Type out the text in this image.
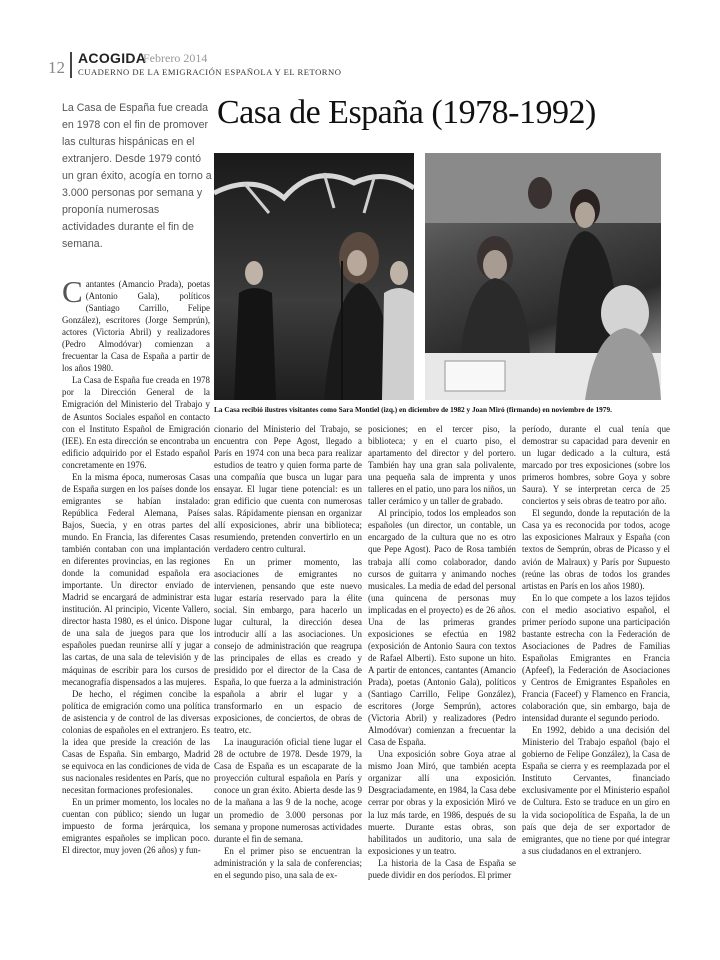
12 ACOGIDA
Febrero 2014
CUADERNO DE LA EMIGRACIÓN ESPAÑOLA Y EL RETORNO
La Casa de España fue creada en 1978 con el fin de promover las culturas hispánicas en el extranjero. Desde 1979 contó un gran éxito, acogía en torno a 3.000 personas por semana y proponía numerosas actividades durante el fin de semana.
Casa de España (1978-1992)
La Casa recibió ilustres visitantes como Sara Montiel (izq.) en diciembre de 1982 y Joan Miró (firmando) en noviembre de 1979.

Cantantes (Amancio Prada), poetas (Antonio Gala), políticos (Santiago Carrillo, Felipe González), escritores (Jorge Semprún), actores (Victoria Abril) y realizadores (Pedro Almodóvar) comienzan a frecuentar la Casa de España a partir de los años 1980.

La Casa de España fue creada en 1978 por la Dirección General de la Emigración del Ministerio del Trabajo y de Asuntos Sociales español en contacto con el Instituto Español de Emigración (IEE). En esta dirección se encontraba un edificio adquirido por el Estado español concretamente en 1976.

En la misma época, numerosas Casas de España surgen en los países donde los emigrantes se habían instalado: República Federal Alemana, Países Bajos, Suecia, y en otras partes del mundo. En Francia, las diferentes Casas también contaban con una implantación en diferentes provincias, en las regiones donde la comunidad española era importante. Un director enviado de Madrid se encargará de administrar esta institución. Al principio, Vicente Vallero, director hasta 1980, es el único. Dispone de una sala de juegos para que los españoles puedan reunirse allí y jugar a las cartas, de una sala de televisión y de máquinas de escribir para los cursos de mecanografía dispensados a las mujeres.

De hecho, el régimen concibe la política de emigración como una política de asistencia y de control de las diversas colonias de españoles en el extranjero. Es la idea que preside la creación de las Casas de España. Sin embargo, Madrid se equivoca en las condiciones de vida de sus nacionales residentes en París, que no necesitan formaciones profesionales.

En un primer momento, los locales no cuentan con público; siendo un lugar impuesto de forma jerárquica, los emigrantes españoles se implican poco. El director, muy joven (26 años) y fun-

cionario del Ministerio del Trabajo, se encuentra con Pepe Agost, llegado a París en 1974 con una beca para realizar estudios de teatro y quien forma parte de una compañía que busca un lugar para ensayar. El lugar tiene potencial: es un gran edificio que cuenta con numerosas salas. Rápidamente piensan en organizar allí exposiciones, abrir una biblioteca; resumiendo, pretenden convertirlo en un verdadero centro cultural.

En un primer momento, las asociaciones de emigrantes no intervienen, pensando que este nuevo lugar estaría reservado para la élite social. Sin embargo, para hacerlo un lugar cultural, la dirección desea introducir allí a las asociaciones. Un consejo de administración que reagrupa las principales de ellas es creado y presidido por el director de la Casa de España, lo que fuerza a la administración española a abrir el lugar y a transformarlo en un espacio de exposiciones, de conciertos, de obras de teatro, etc.

La inauguración oficial tiene lugar el 28 de octubre de 1978. Desde 1979, la Casa de España es un escaparate de la proyección cultural española en París y conoce un gran éxito. Abierta desde las 9 de la mañana a las 9 de la noche, acoge un promedio de 3.000 personas por semana y propone numerosas actividades durante el fin de semana.

En el primer piso se encuentran la administración y la sala de conferencias; en el segundo piso, una sala de ex-

posiciones; en el tercer piso, la biblioteca; y en el cuarto piso, el apartamento del director y del portero. También hay una gran sala polivalente, una pequeña sala de imprenta y unos talleres en el patio, uno para los niños, un taller cerámico y un taller de grabado.

Al principio, todos los empleados son españoles (un director, un contable, un encargado de la cultura que no es otro que Pepe Agost). Paco de Rosa también trabaja allí como colaborador, dando cursos de guitarra y animando noches musicales. La media de edad del personal (una quincena de personas muy implicadas en el proyecto) es de 26 años. Una de las primeras grandes exposiciones se efectúa en 1982 (exposición de Antonio Saura con textos de Rafael Alberti). Esto supone un hito. A partir de entonces, cantantes (Amancio Prada), poetas (Antonio Gala), políticos (Santiago Carrillo, Felipe González), escritores (Jorge Semprún), actores (Victoria Abril) y realizadores (Pedro Almodóvar) comienzan a frecuentar la Casa de España.

Una exposición sobre Goya atrae al mismo Joan Miró, que también acepta organizar allí una exposición. Desgraciadamente, en 1984, la Casa debe cerrar por obras y la exposición Miró ve la luz más tarde, en 1986, después de su muerte. Durante estas obras, son habilitados un auditorio, una sala de exposiciones y un teatro.

La historia de la Casa de España se puede dividir en dos períodos. El primer

período, durante el cual tenía que demostrar su capacidad para devenir en un lugar dedicado a la cultura, está marcado por tres exposiciones (sobre los primeros hombres, sobre Goya y sobre Saura). Y se interpretan cerca de 25 conciertos y seis obras de teatro por año.

El segundo, donde la reputación de la Casa ya es reconocida por todos, acoge las exposiciones Malraux y España (con textos de Semprún, obras de Picasso y el avión de Malraux) y París por Supuesto (reúne las obras de todos los grandes artistas en París en los años 1980).

En lo que compete a los lazos tejidos con el medio asociativo español, el primer período supone una participación bastante estrecha con la Federación de Asociaciones de Padres de Familias Españolas Emigrantes en Francia (Apfeef), la Federación de Asociaciones y Centros de Emigrantes Españoles en Francia (Faceef) y Flamenco en Francia, colaboración que, sin embargo, baja de intensidad durante el segundo periodo.

En 1992, debido a una decisión del Ministerio del Trabajo español (bajo el gobierno de Felipe González), la Casa de España se cierra y es reemplazada por el Instituto Cervantes, financiado exclusivamente por el Ministerio español de Cultura. Esto se traduce en un giro en la vida sociopolítica de España, la de un país que deja de ser exportador de emigrantes, que no tiene por qué integrar a sus ciudadanos en el extranjero.
